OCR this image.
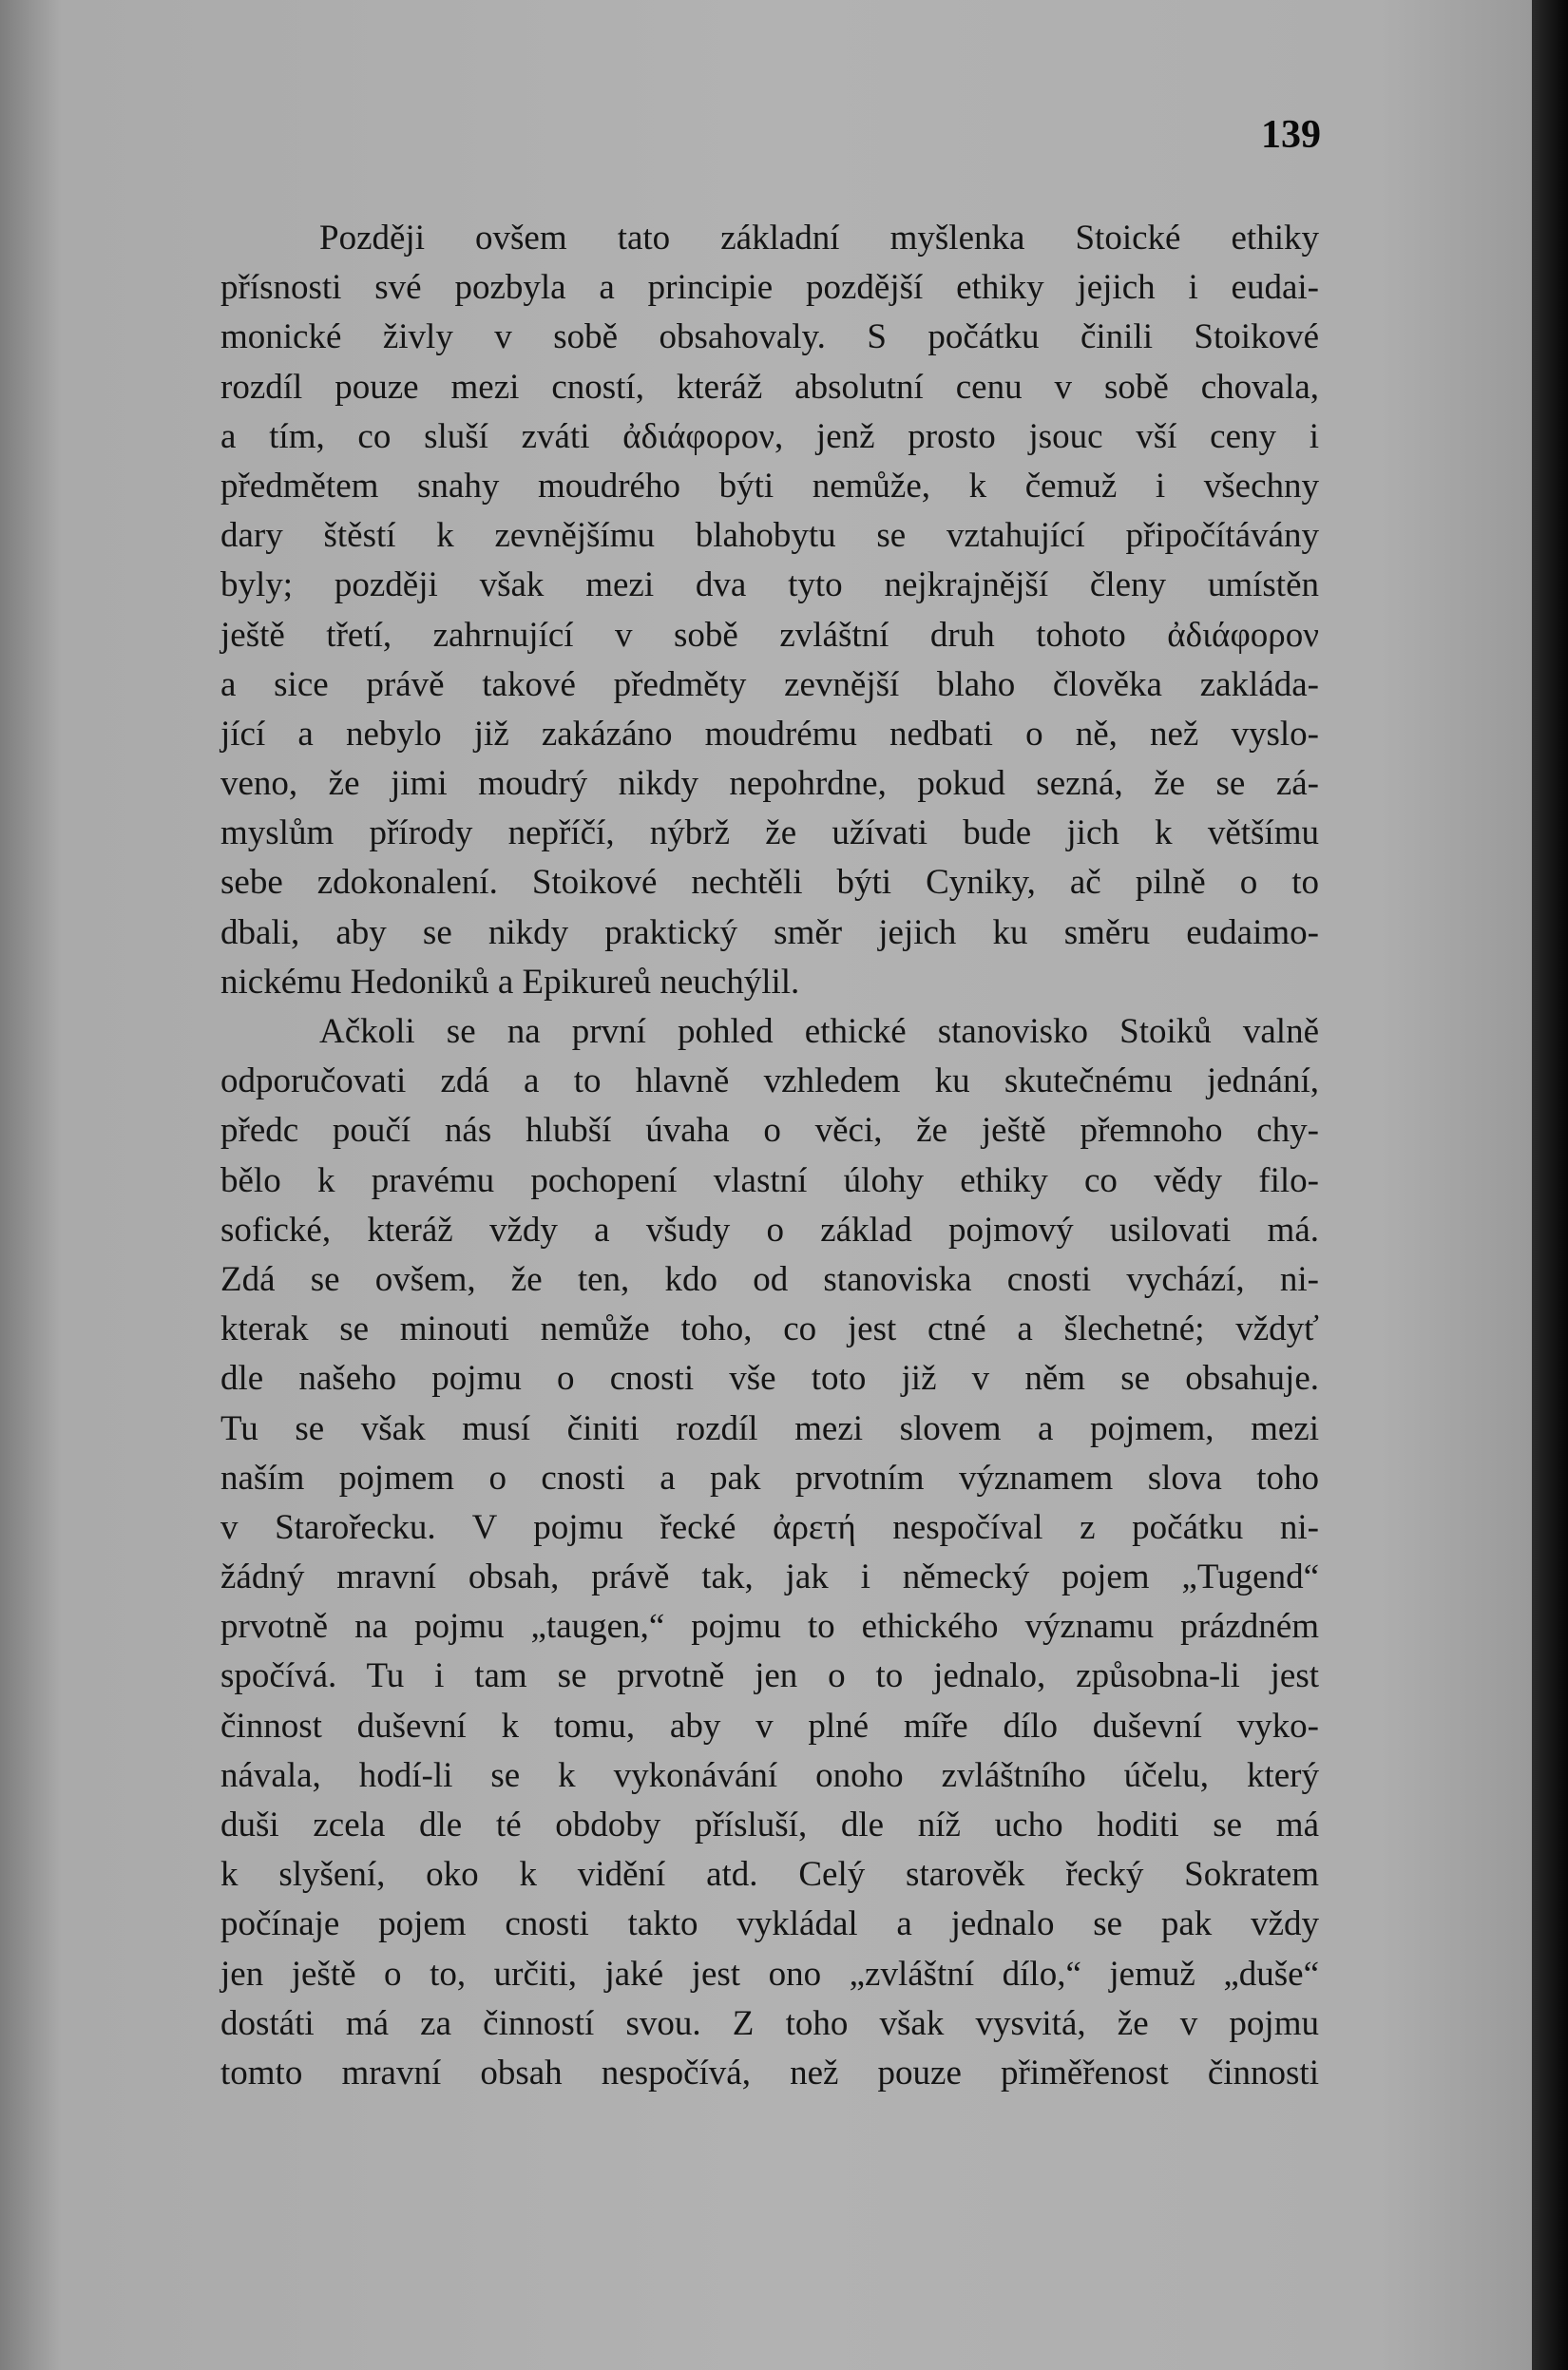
139
Později ovšem tato základní myšlenka Stoické ethiky
přísnosti své pozbyla a principie pozdější ethiky jejich i eudai-
monické živly v sobě obsahovaly. S počátku činili Stoikové
rozdíl pouze mezi cností, kteráž absolutní cenu v sobě chovala,
a tím, co sluší zváti ἀδιάφορον, jenž prosto jsouc vší ceny i
předmětem snahy moudrého býti nemůže, k čemuž i všechny
dary štěstí k zevnějšímu blahobytu se vztahující připočítávány
byly; později však mezi dva tyto nejkrajnější členy umístěn
ještě třetí, zahrnující v sobě zvláštní druh tohoto ἀδιάφορον
a sice právě takové předměty zevnější blaho člověka zakláda-
jící a nebylo již zakázáno moudrému nedbati o ně, než vyslo-
veno, že jimi moudrý nikdy nepohrdne, pokud sezná, že se zá-
myslům přírody nepříčí, nýbrž že užívati bude jich k většímu
sebe zdokonalení. Stoikové nechtěli býti Cyniky, ač pilně o to
dbali, aby se nikdy praktický směr jejich ku směru eudaimo-
nickému Hedoniků a Epikureů neuchýlil.
Ačkoli se na první pohled ethické stanovisko Stoiků valně
odporučovati zdá a to hlavně vzhledem ku skutečnému jednání,
předc poučí nás hlubší úvaha o věci, že ještě přemnoho chy-
bělo k pravému pochopení vlastní úlohy ethiky co vědy filo-
sofické, kteráž vždy a všudy o základ pojmový usilovati má.
Zdá se ovšem, že ten, kdo od stanoviska cnosti vychází, ni-
kterak se minouti nemůže toho, co jest ctné a šlechetné; vždyť
dle našeho pojmu o cnosti vše toto již v něm se obsahuje.
Tu se však musí činiti rozdíl mezi slovem a pojmem, mezi
naším pojmem o cnosti a pak prvotním významem slova toho
v Starořecku. V pojmu řecké ἀρετή nespočíval z počátku ni-
žádný mravní obsah, právě tak, jak i německý pojem „Tugend“
prvotně na pojmu „taugen,“ pojmu to ethického významu prázdném
spočívá. Tu i tam se prvotně jen o to jednalo, způsobna-li jest
činnost duševní k tomu, aby v plné míře dílo duševní vyko-
návala, hodí-li se k vykonávání onoho zvláštního účelu, který
duši zcela dle té obdoby přísluší, dle níž ucho hoditi se má
k slyšení, oko k vidění atd. Celý starověk řecký Sokratem
počínaje pojem cnosti takto vykládal a jednalo se pak vždy
jen ještě o to, určiti, jaké jest ono „zvláštní dílo,“ jemuž „duše“
dostáti má za činností svou. Z toho však vysvitá, že v pojmu
tomto mravní obsah nespočívá, než pouze přiměřenost činnosti
